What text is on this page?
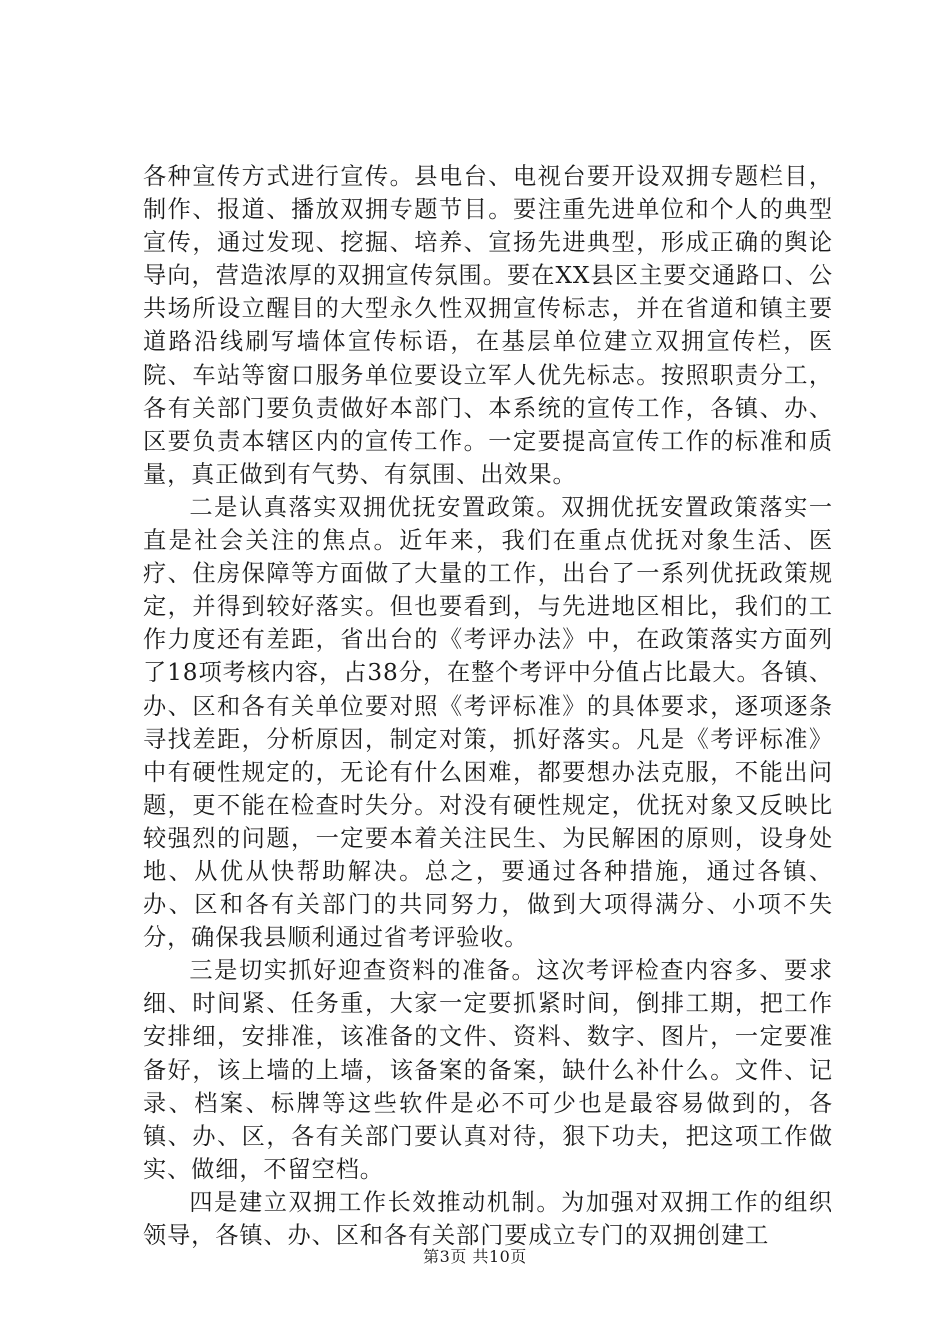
各种宣传方式进行宣传。县电台、电视台要开设双拥专题栏目，制作、报道、播放双拥专题节目。要注重先进单位和个人的典型宣传，通过发现、挖掘、培养、宣扬先进典型，形成正确的舆论导向，营造浓厚的双拥宣传氛围。要在XX县区主要交通路口、公共场所设立醒目的大型永久性双拥宣传标志，并在省道和镇主要道路沿线刷写墙体宣传标语，在基层单位建立双拥宣传栏，医院、车站等窗口服务单位要设立军人优先标志。按照职责分工，各有关部门要负责做好本部门、本系统的宣传工作，各镇、办、区要负责本辖区内的宣传工作。一定要提高宣传工作的标准和质量，真正做到有气势、有氛围、出效果。

二是认真落实双拥优抚安置政策。双拥优抚安置政策落实一直是社会关注的焦点。近年来，我们在重点优抚对象生活、医疗、住房保障等方面做了大量的工作，出台了一系列优抚政策规定，并得到较好落实。但也要看到，与先进地区相比，我们的工作力度还有差距，省出台的《考评办法》中，在政策落实方面列了18项考核内容，占38分，在整个考评中分值占比最大。各镇、办、区和各有关单位要对照《考评标准》的具体要求，逐项逐条寻找差距，分析原因，制定对策，抓好落实。凡是《考评标准》中有硬性规定的，无论有什么困难，都要想办法克服，不能出问题，更不能在检查时失分。对没有硬性规定，优抚对象又反映比较强烈的问题，一定要本着关注民生、为民解困的原则，设身处地、从优从快帮助解决。总之，要通过各种措施，通过各镇、办、区和各有关部门的共同努力，做到大项得满分、小项不失分，确保我县顺利通过省考评验收。

三是切实抓好迎查资料的准备。这次考评检查内容多、要求细、时间紧、任务重，大家一定要抓紧时间，倒排工期，把工作安排细，安排准，该准备的文件、资料、数字、图片，一定要准备好，该上墙的上墙，该备案的备案，缺什么补什么。文件、记录、档案、标牌等这些软件是必不可少也是最容易做到的，各镇、办、区，各有关部门要认真对待，狠下功夫，把这项工作做实、做细，不留空档。

四是建立双拥工作长效推动机制。为加强对双拥工作的组织领导，各镇、办、区和各有关部门要成立专门的双拥创建工

第3页 共10页
